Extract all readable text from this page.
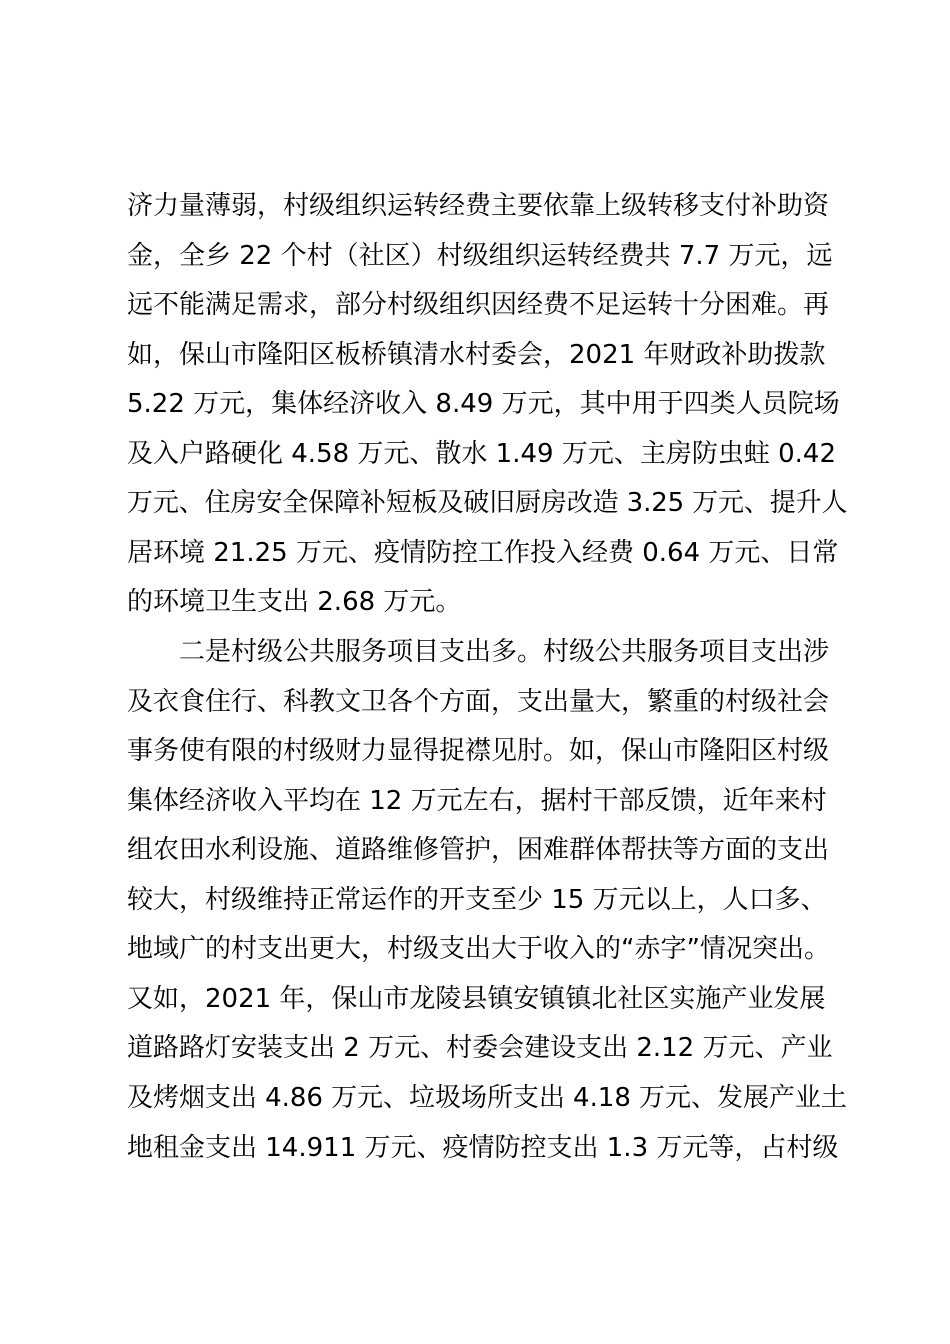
济力量薄弱，村级组织运转经费主要依靠上级转移支付补助资
金，全乡 22 个村（社区）村级组织运转经费共 7.7 万元，远
远不能满足需求，部分村级组织因经费不足运转十分困难。再
如，保山市隆阳区板桥镇清水村委会，2021 年财政补助拨款
5.22 万元，集体经济收入 8.49 万元，其中用于四类人员院场
及入户路硬化 4.58 万元、散水 1.49 万元、主房防虫蛀 0.42
万元、住房安全保障补短板及破旧厨房改造 3.25 万元、提升人
居环境 21.25 万元、疫情防控工作投入经费 0.64 万元、日常
的环境卫生支出 2.68 万元。
　　二是村级公共服务项目支出多。村级公共服务项目支出涉
及衣食住行、科教文卫各个方面，支出量大，繁重的村级社会
事务使有限的村级财力显得捉襟见肘。如，保山市隆阳区村级
集体经济收入平均在 12 万元左右，据村干部反馈，近年来村
组农田水利设施、道路维修管护，困难群体帮扶等方面的支出
较大，村级维持正常运作的开支至少 15 万元以上，人口多、
地域广的村支出更大，村级支出大于收入的“赤字”情况突出。
又如，2021 年，保山市龙陵县镇安镇镇北社区实施产业发展
道路路灯安装支出 2 万元、村委会建设支出 2.12 万元、产业
及烤烟支出 4.86 万元、垃圾场所支出 4.18 万元、发展产业土
地租金支出 14.911 万元、疫情防控支出 1.3 万元等，占村级
